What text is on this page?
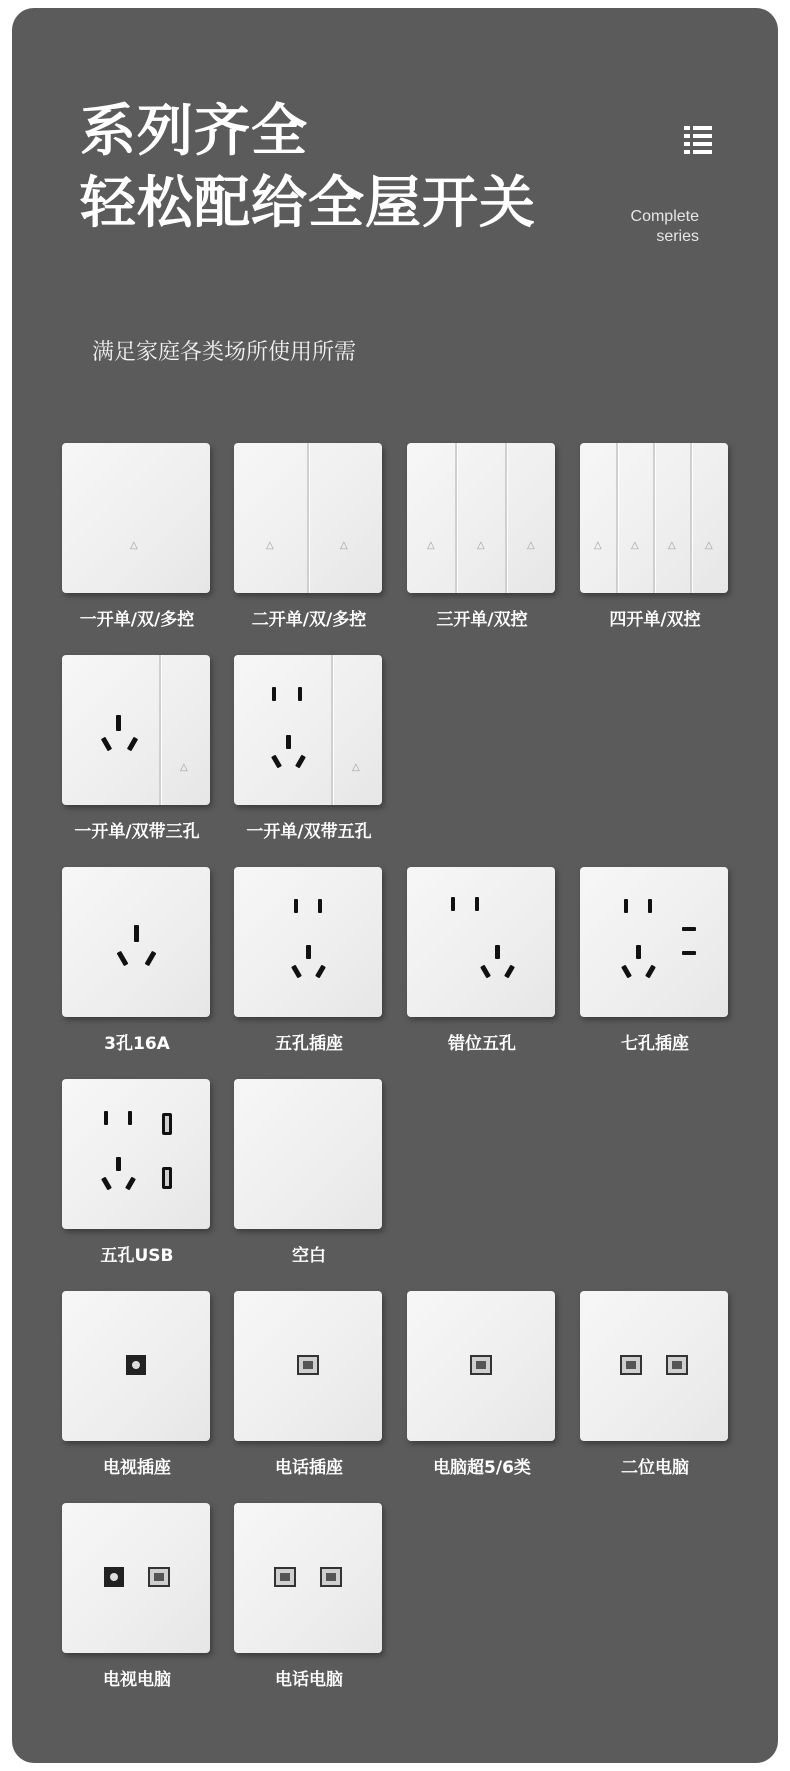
系列齐全
轻松配给全屋开关	Complete
series
满足家庭各类场所使用所需
△
一开单/双/多控
△	△
二开单/双/多控
△	△	△
三开单/双控
△	△	△	△
四开单/双控
△
一开单/双带三孔
△
一开单/双带五孔
3孔16A	五孔插座	错位五孔	七孔插座
五孔USB	空白
电视插座	电话插座	电脑超5/6类	二位电脑
电视电脑	电话电脑
